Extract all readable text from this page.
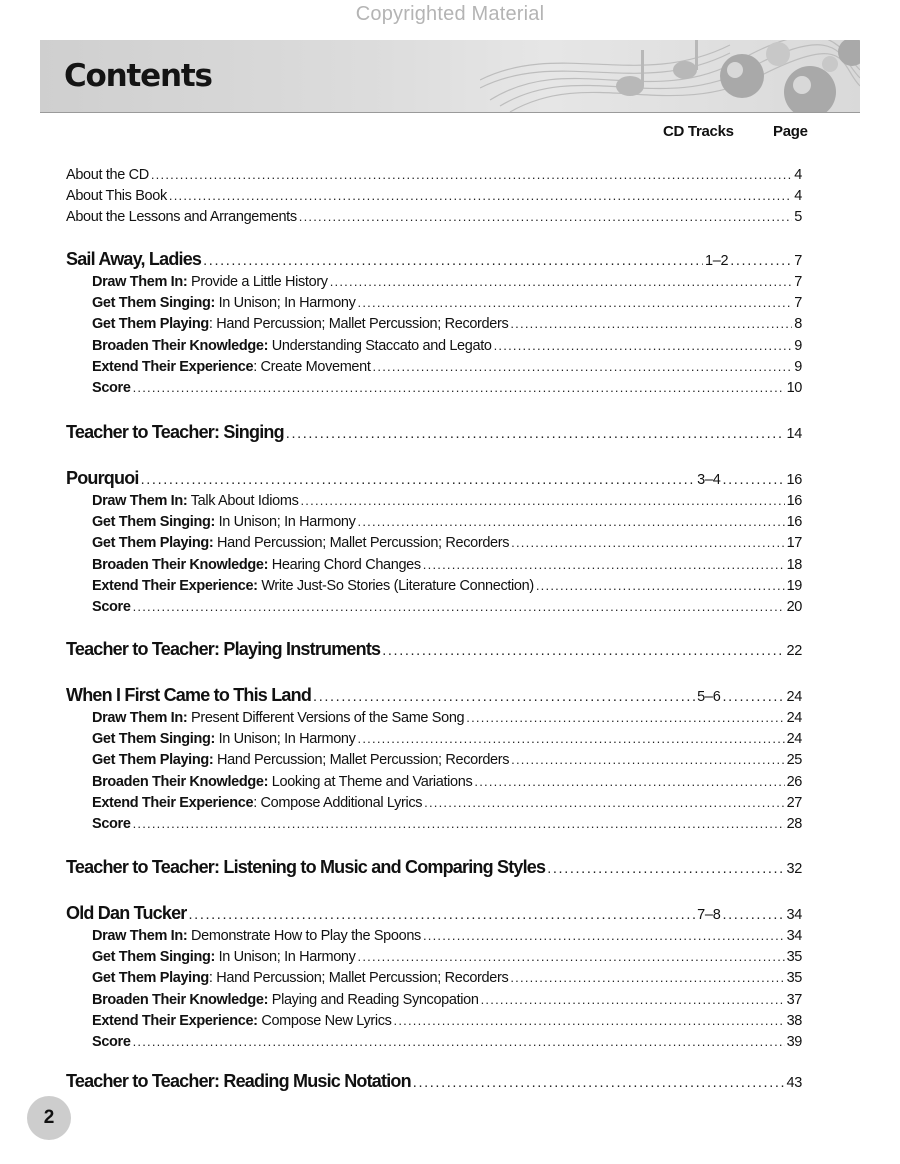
Copyrighted Material
Contents
CD Tracks	Page
About the CD . . .	4
About This Book . . .	4
About the Lessons and Arrangements . . .	5
Sail Away, Ladies . . .	1–2 . . .	7
Draw Them In: Provide a Little History . . .	7
Get Them Singing: In Unison; In Harmony . . .	7
Get Them Playing: Hand Percussion; Mallet Percussion; Recorders . . .	8
Broaden Their Knowledge: Understanding Staccato and Legato . . .	9
Extend Their Experience: Create Movement . . .	9
Score . . .	10
Teacher to Teacher: Singing . . .	14
Pourquoi . . .	3–4 . . .	16
Draw Them In: Talk About Idioms . . .	16
Get Them Singing: In Unison; In Harmony . . .	16
Get Them Playing: Hand Percussion; Mallet Percussion; Recorders . . .	17
Broaden Their Knowledge: Hearing Chord Changes . . .	18
Extend Their Experience: Write Just-So Stories (Literature Connection) . . .	19
Score . . .	20
Teacher to Teacher: Playing Instruments . . .	22
When I First Came to This Land . . .	5–6 . . .	24
Draw Them In: Present Different Versions of the Same Song . . .	24
Get Them Singing: In Unison; In Harmony . . .	24
Get Them Playing: Hand Percussion; Mallet Percussion; Recorders . . .	25
Broaden Their Knowledge: Looking at Theme and Variations . . .	26
Extend Their Experience: Compose Additional Lyrics . . .	27
Score . . .	28
Teacher to Teacher: Listening to Music and Comparing Styles . . .	32
Old Dan Tucker . . .	7–8 . . .	34
Draw Them In: Demonstrate How to Play the Spoons . . .	34
Get Them Singing: In Unison; In Harmony . . .	35
Get Them Playing: Hand Percussion; Mallet Percussion; Recorders . . .	35
Broaden Their Knowledge: Playing and Reading Syncopation . . .	37
Extend Their Experience: Compose New Lyrics . . .	38
Score . . .	39
Teacher to Teacher: Reading Music Notation . . .	43
2
